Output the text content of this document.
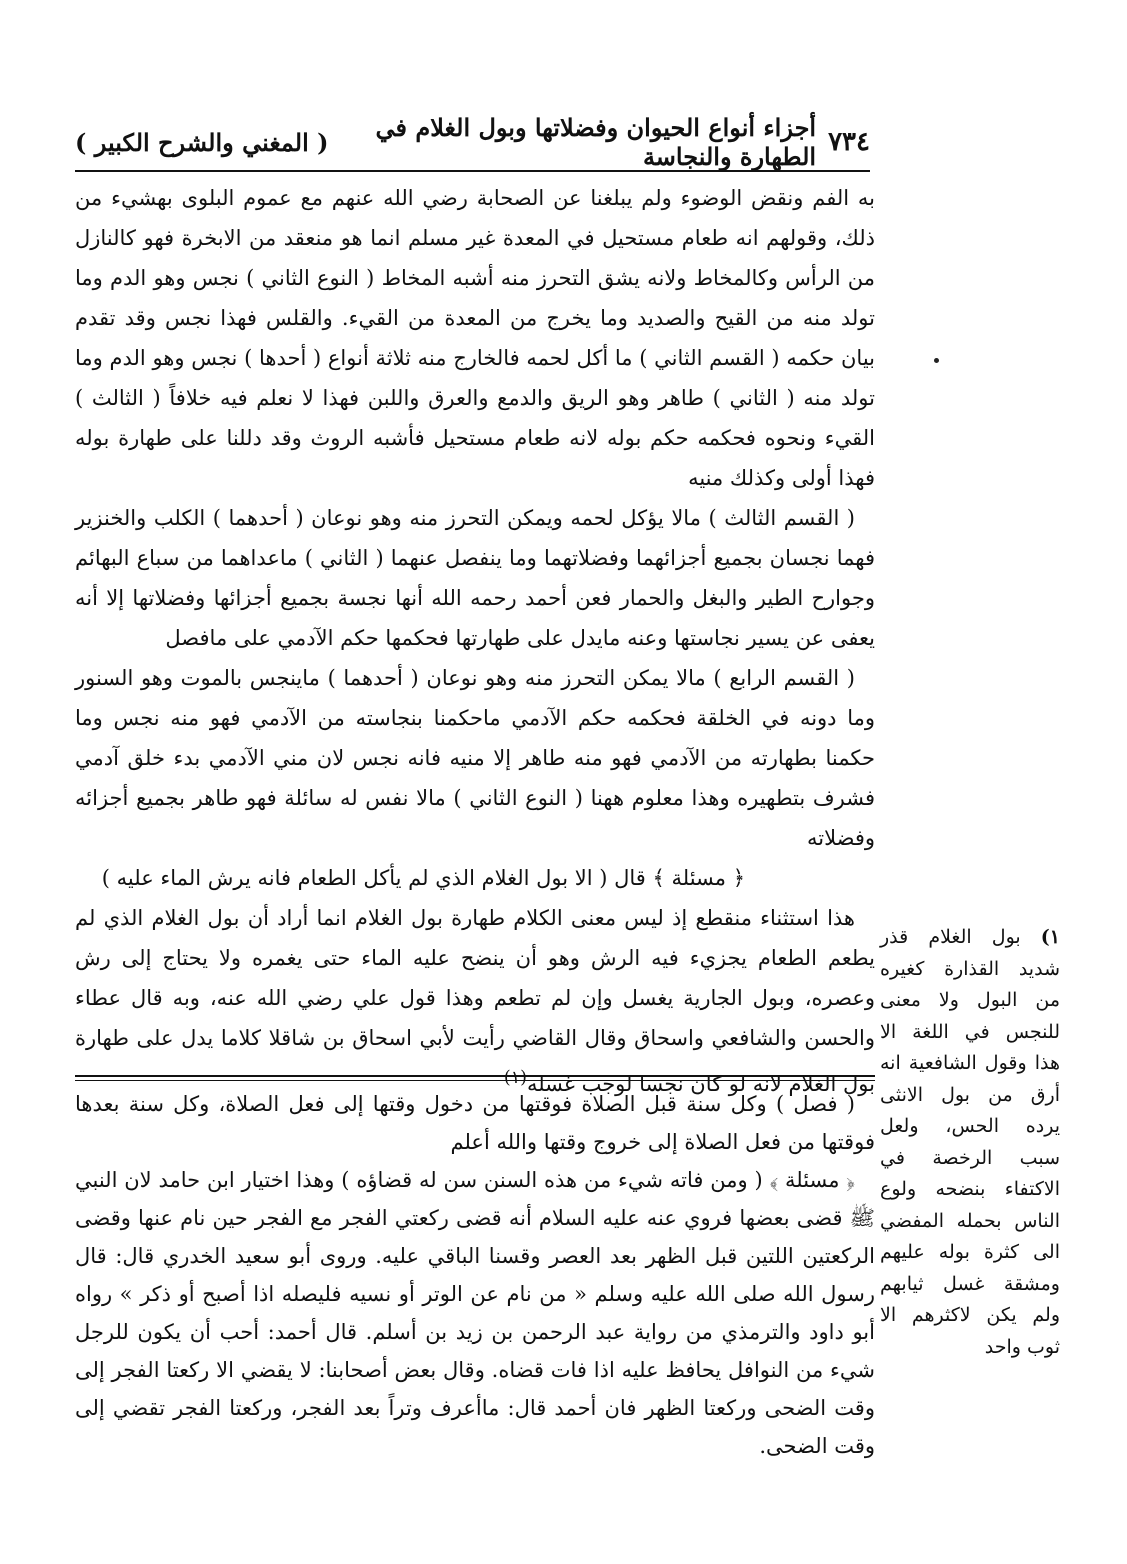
٧٣٤
أجزاء أنواع الحيوان وفضلاتها وبول الغلام في الطهارة والنجاسة
( المغني والشرح الكبير )

به الفم ونقض الوضوء ولم يبلغنا عن الصحابة رضي الله عنهم مع عموم البلوى بهشيء من ذلك، وقولهم انه طعام مستحيل في المعدة غير مسلم انما هو منعقد من الابخرة فهو كالنازل من الرأس وكالمخاط ولانه يشق التحرز منه أشبه المخاط ( النوع الثاني ) نجس وهو الدم وما تولد منه من القيح والصديد وما يخرج من المعدة من القيء. والقلس فهذا نجس وقد تقدم بيان حكمه ( القسم الثاني ) ما أكل لحمه فالخارج منه ثلاثة أنواع ( أحدها ) نجس وهو الدم وما تولد منه ( الثاني ) طاهر وهو الريق والدمع والعرق واللبن فهذا لا نعلم فيه خلافاً ( الثالث ) القيء ونحوه فحكمه حكم بوله لانه طعام مستحيل فأشبه الروث وقد دللنا على طهارة بوله فهذا أولى وكذلك منيه

( القسم الثالث ) مالا يؤكل لحمه ويمكن التحرز منه وهو نوعان ( أحدهما ) الكلب والخنزير فهما نجسان بجميع أجزائهما وفضلاتهما وما ينفصل عنهما ( الثاني ) ماعداهما من سباع البهائم وجوارح الطير والبغل والحمار فعن أحمد رحمه الله أنها نجسة بجميع أجزائها وفضلاتها إلا أنه يعفى عن يسير نجاستها وعنه مايدل على طهارتها فحكمها حكم الآدمي على مافصل

( القسم الرابع ) مالا يمكن التحرز منه وهو نوعان ( أحدهما ) ماينجس بالموت وهو السنور وما دونه في الخلقة فحكمه حكم الآدمي ماحكمنا بنجاسته من الآدمي فهو منه نجس وما حكمنا بطهارته من الآدمي فهو منه طاهر إلا منيه فانه نجس لان مني الآدمي بدء خلق آدمي فشرف بتطهيره وهذا معلوم ههنا ( النوع الثاني ) مالا نفس له سائلة فهو طاهر بجميع أجزائه وفضلاته

﴿ مسئلة ﴾ قال ( الا بول الغلام الذي لم يأكل الطعام فانه يرش الماء عليه )

هذا استثناء منقطع إذ ليس معنى الكلام طهارة بول الغلام انما أراد أن بول الغلام الذي لم يطعم الطعام يجزيء فيه الرش وهو أن ينضح عليه الماء حتى يغمره ولا يحتاج إلى رش وعصره، وبول الجارية يغسل وإن لم تطعم وهذا قول علي رضي الله عنه، وبه قال عطاء والحسن والشافعي واسحاق وقال القاضي رأيت لأبي اسحاق بن شاقلا كلاما يدل على طهارة بول الغلام لانه لو كان نجسا لوجب غسله$^{(١)}$

( فصل ) وكل سنة قبل الصلاة فوقتها من دخول وقتها إلى فعل الصلاة، وكل سنة بعدها فوقتها من فعل الصلاة إلى خروج وقتها والله أعلم

﴿ مسئلة ﴾ ( ومن فاته شيء من هذه السنن سن له قضاؤه ) وهذا اختيار ابن حامد لان النبي ﷺ قضى بعضها فروي عنه عليه السلام أنه قضى ركعتي الفجر مع الفجر حين نام عنها وقضى الركعتين اللتين قبل الظهر بعد العصر وقسنا الباقي عليه. وروى أبو سعيد الخدري قال: قال رسول الله صلى الله عليه وسلم « من نام عن الوتر أو نسيه فليصله اذا أصبح أو ذكر » رواه أبو داود والترمذي من رواية عبد الرحمن بن زيد بن أسلم. قال أحمد: أحب أن يكون للرجل شيء من النوافل يحافظ عليه اذا فات قضاه. وقال بعض أصحابنا: لا يقضي الا ركعتا الفجر إلى وقت الضحى وركعتا الظهر فان أحمد قال: ماأعرف وتراً بعد الفجر، وركعتا الفجر تقضي إلى وقت الضحى.

١) بول الغلام قذر شديد القذارة كغيره من البول ولا معنى للنجس في اللغة الا هذا وقول الشافعية انه أرق من بول الانثى يرده الحس، ولعل سبب الرخصة في الاكتفاء بنضحه ولوع الناس بحمله المفضي الى كثرة بوله عليهم ومشقة غسل ثيابهم ولم يكن لاكثرهم الا ثوب واحد
